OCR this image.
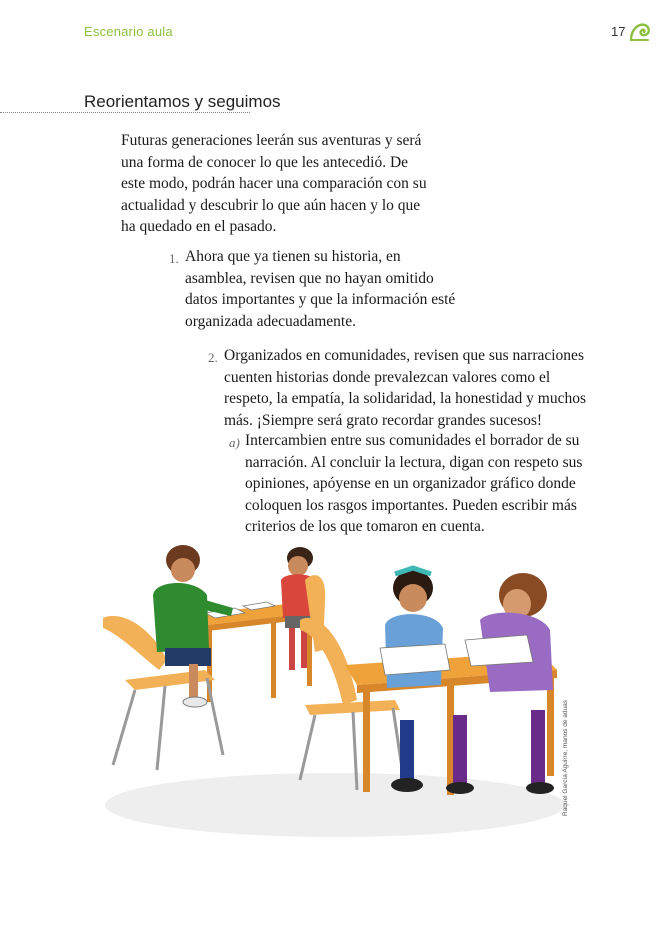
Escenario aula	17
Reorientamos y seguimos
Futuras generaciones leerán sus aventuras y será
una forma de conocer lo que les antecedió. De
este modo, podrán hacer una comparación con su
actualidad y descubrir lo que aún hacen y lo que
ha quedado en el pasado.
1. Ahora que ya tienen su historia, en
asamblea, revisen que no hayan omitido
datos importantes y que la información esté
organizada adecuadamente.
2. Organizados en comunidades, revisen que sus narraciones
cuenten historias donde prevalezcan valores como el
respeto, la empatía, la solidaridad, la honestidad y muchos
más. ¡Siempre será grato recordar grandes sucesos!
a) Intercambien entre sus comunidades el borrador de su
narración. Al concluir la lectura, digan con respeto sus
opiniones, apóyense en un organizador gráfico donde
coloquen los rasgos importantes. Pueden escribir más
criterios de los que tomaron en cuenta.
Raquel García Aguirre, manos de aduas
